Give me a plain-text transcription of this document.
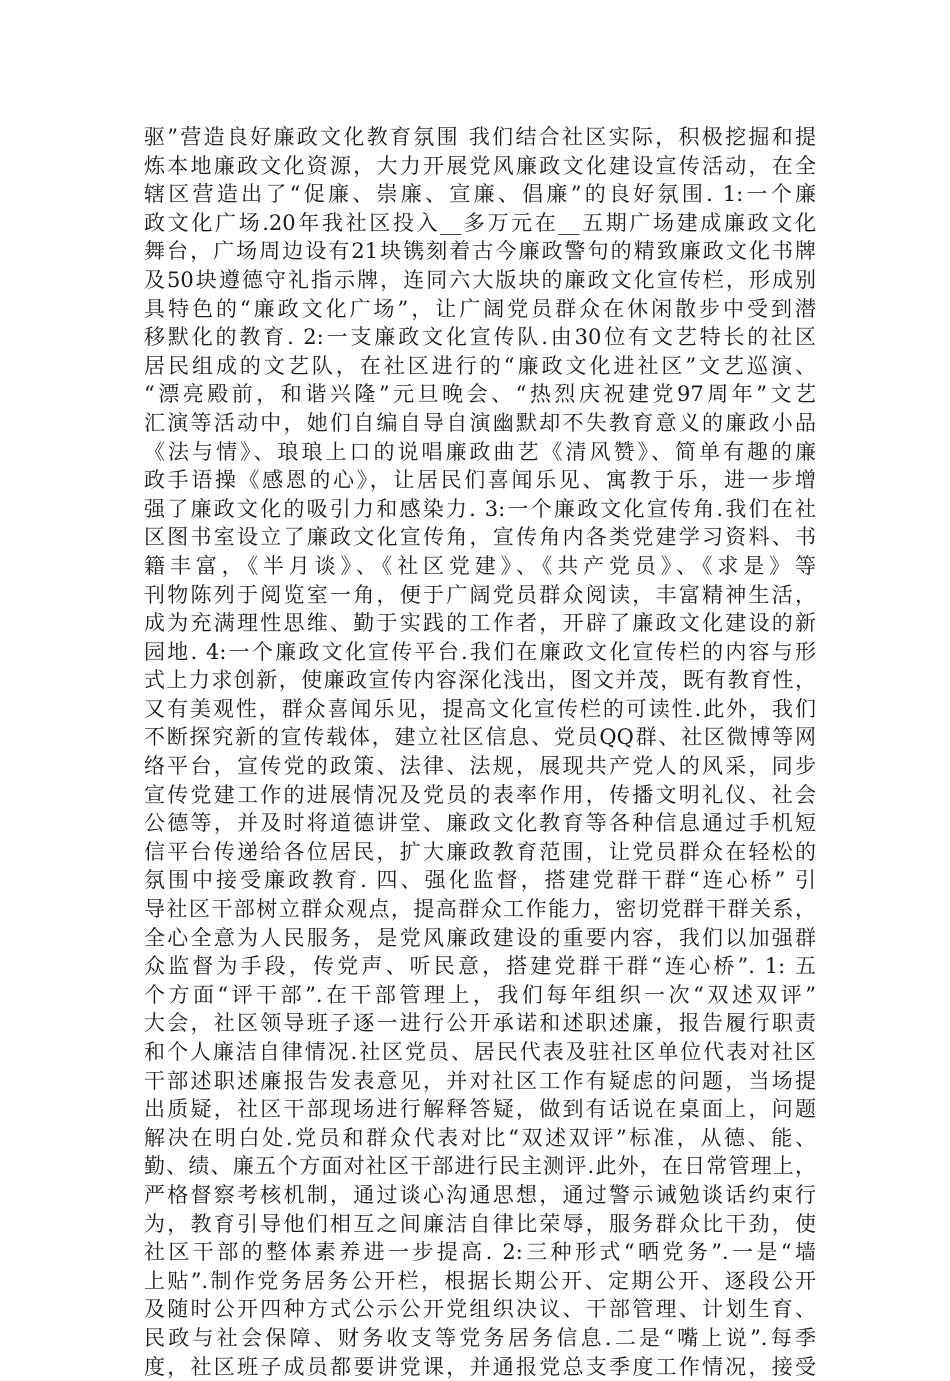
驱”营造良好廉政文化教育氛围 我们结合社区实际，积极挖掘和提
炼本地廉政文化资源，大力开展党风廉政文化建设宣传活动，在全
辖区营造出了“促廉、崇廉、宣廉、倡廉”的良好氛围. 1:一个廉
政文化广场.20年我社区投入__多万元在__五期广场建成廉政文化
舞台，广场周边设有21块镌刻着古今廉政警句的精致廉政文化书牌
及50块遵德守礼指示牌，连同六大版块的廉政文化宣传栏，形成别
具特色的“廉政文化广场”，让广阔党员群众在休闲散步中受到潜
移默化的教育. 2:一支廉政文化宣传队.由30位有文艺特长的社区
居民组成的文艺队，在社区进行的“廉政文化进社区”文艺巡演、
“漂亮殿前，和谐兴隆”元旦晚会、“热烈庆祝建党97周年”文艺
汇演等活动中，她们自编自导自演幽默却不失教育意义的廉政小品
《法与情》、琅琅上口的说唱廉政曲艺《清风赞》、简单有趣的廉
政手语操《感恩的心》，让居民们喜闻乐见、寓教于乐，进一步增
强了廉政文化的吸引力和感染力. 3:一个廉政文化宣传角.我们在社
区图书室设立了廉政文化宣传角，宣传角内各类党建学习资料、书
籍丰富，《半月谈》、《社区党建》、《共产党员》、《求是》等
刊物陈列于阅览室一角，便于广阔党员群众阅读，丰富精神生活，
成为充满理性思维、勤于实践的工作者，开辟了廉政文化建设的新
园地. 4:一个廉政文化宣传平台.我们在廉政文化宣传栏的内容与形
式上力求创新，使廉政宣传内容深化浅出，图文并茂，既有教育性，
又有美观性，群众喜闻乐见，提高文化宣传栏的可读性.此外，我们
不断探究新的宣传载体，建立社区信息、党员QQ群、社区微博等网
络平台，宣传党的政策、法律、法规，展现共产党人的风采，同步
宣传党建工作的进展情况及党员的表率作用，传播文明礼仪、社会
公德等，并及时将道德讲堂、廉政文化教育等各种信息通过手机短
信平台传递给各位居民，扩大廉政教育范围，让党员群众在轻松的
氛围中接受廉政教育. 四、强化监督，搭建党群干群“连心桥” 引
导社区干部树立群众观点，提高群众工作能力，密切党群干群关系，
全心全意为人民服务，是党风廉政建设的重要内容，我们以加强群
众监督为手段，传党声、听民意，搭建党群干群“连心桥”. 1: 五
个方面“评干部”.在干部管理上，我们每年组织一次“双述双评”
大会，社区领导班子逐一进行公开承诺和述职述廉，报告履行职责
和个人廉洁自律情况.社区党员、居民代表及驻社区单位代表对社区
干部述职述廉报告发表意见，并对社区工作有疑虑的问题，当场提
出质疑，社区干部现场进行解释答疑，做到有话说在桌面上，问题
解决在明白处.党员和群众代表对比“双述双评”标准，从德、能、
勤、绩、廉五个方面对社区干部进行民主测评.此外，在日常管理上，
严格督察考核机制，通过谈心沟通思想，通过警示诫勉谈话约束行
为，教育引导他们相互之间廉洁自律比荣辱，服务群众比干劲，使
社区干部的整体素养进一步提高. 2:三种形式“晒党务”.一是“墙
上贴”.制作党务居务公开栏，根据长期公开、定期公开、逐段公开
及随时公开四种方式公示公开党组织决议、干部管理、计划生育、
民政与社会保障、财务收支等党务居务信息.二是“嘴上说”.每季
度，社区班子成员都要讲党课，并通报党总支季度工作情况，接受
